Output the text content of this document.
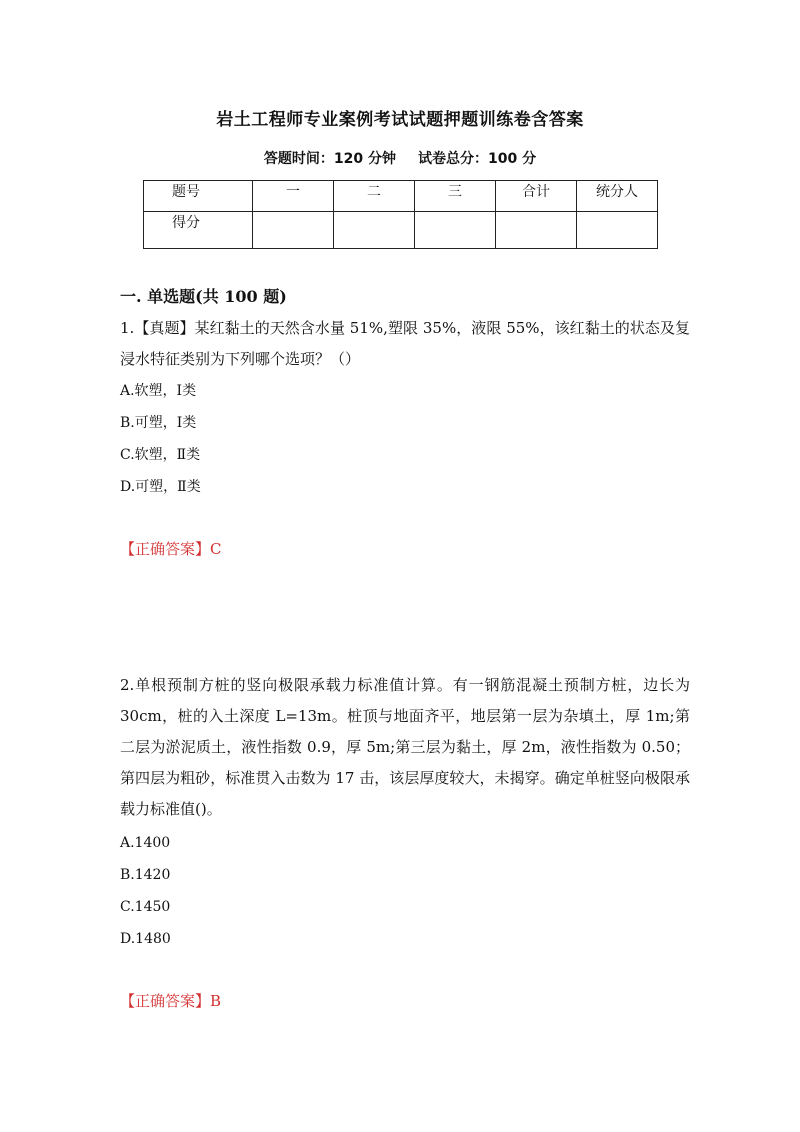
岩土工程师专业案例考试试题押题训练卷含答案
答题时间：120 分钟 试卷总分：100 分
题号	一	二	三	合计	统分人
得分					
一. 单选题(共 100 题)
1.【真题】某红黏土的天然含水量 51%,塑限 35%，液限 55%，该红黏土的状态及复浸水特征类别为下列哪个选项？（）
A.软塑，Ⅰ类
B.可塑，Ⅰ类
C.软塑，Ⅱ类
D.可塑，Ⅱ类
【正确答案】C
2.单根预制方桩的竖向极限承载力标准值计算。有一钢筋混凝土预制方桩，边长为 30cm，桩的入土深度 L=13m。桩顶与地面齐平，地层第一层为杂填土，厚 1m;第二层为淤泥质土，液性指数 0.9，厚 5m;第三层为黏土，厚 2m，液性指数为 0.50；第四层为粗砂，标准贯入击数为 17 击，该层厚度较大，未揭穿。确定单桩竖向极限承载力标准值()。
A.1400
B.1420
C.1450
D.1480
【正确答案】B
